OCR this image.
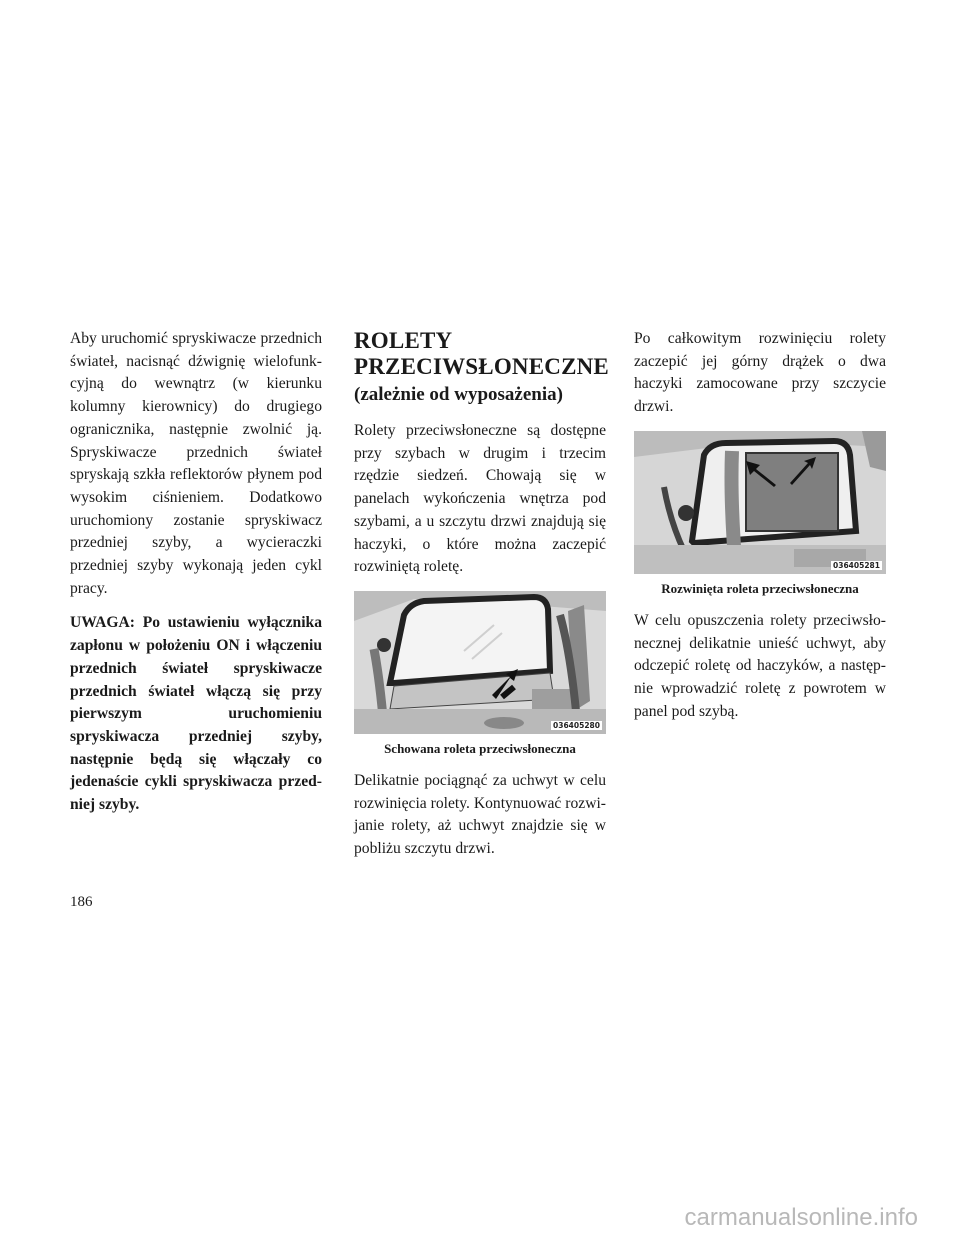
Aby uruchomić spryskiwacze przednich świateł, nacisnąć dźwignię wielofunkcyjną do wewnątrz (w kierunku kolumny kierownicy) do drugiego ogranicznika, następnie zwolnić ją. Spryskiwacze przednich świateł spryskają szkła reflektorów płynem pod wysokim ciśnieniem. Dodatkowo uruchomiony zostanie spryskiwacz przedniej szyby, a wycieraczki przedniej szyby wykonają jeden cykl pracy.

UWAGA: Po ustawieniu wyłącznika zapłonu w położeniu ON i włączeniu przednich świateł spryskiwacze przednich świateł włączą się przy pierwszym uruchomieniu spryskiwacza przedniej szyby, następnie będą się włączały co jedenaście cykli spryskiwacza przedniej szyby.

ROLETY
PRZECIWSŁONECZNE
(zależnie od wyposażenia)

Rolety przeciwsłoneczne są dostępne przy szybach w drugim i trzecim rzędzie siedzeń. Chowają się w panelach wykończenia wnętrza pod szybami, a u szczytu drzwi znajdują się haczyki, o które można zaczepić rozwiniętą roletę.

036405280

Schowana roleta przeciwsłoneczna

Delikatnie pociągnąć za uchwyt w celu rozwinięcia rolety. Kontynuować rozwijanie rolety, aż uchwyt znajdzie się w pobliżu szczytu drzwi.

Po całkowitym rozwinięciu rolety zaczepić jej górny drążek o dwa haczyki zamocowane przy szczycie drzwi.

036405281

Rozwinięta roleta przeciwsłoneczna

W celu opuszczenia rolety przeciwsłonecznej delikatnie unieść uchwyt, aby odczepić roletę od haczyków, a następnie wprowadzić roletę z powrotem w panel pod szybą.

186
carmanualsonline.info
